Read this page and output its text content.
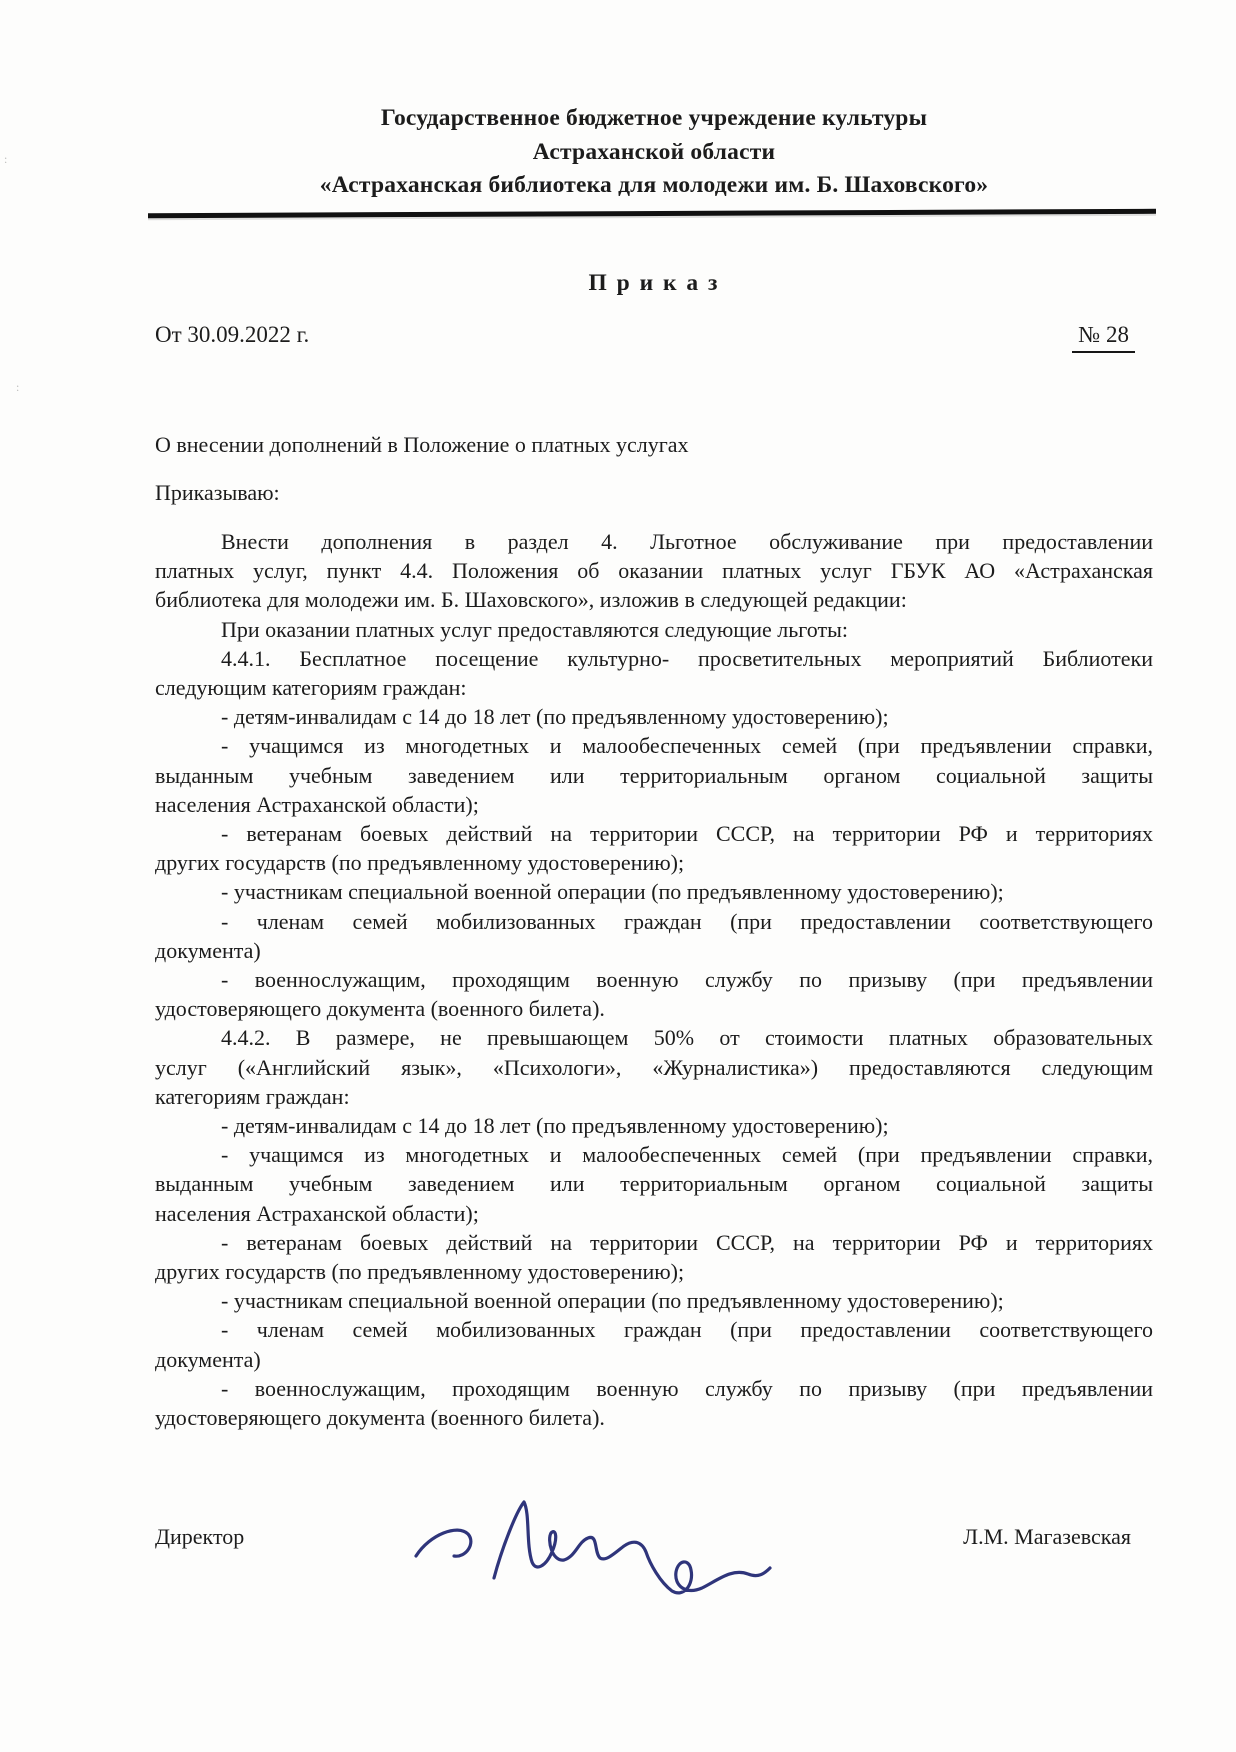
:
:
Государственное бюджетное учреждение культуры
Астраханской области
«Астраханская библиотека для молодежи им. Б. Шаховского»
П р и к а з
От 30.09.2022 г.	№ 28
О внесении дополнений в Положение о платных услугах
Приказываю:
Внести дополнения в раздел 4. Льготное обслуживание при предоставлении
платных услуг, пункт 4.4. Положения об оказании платных услуг ГБУК АО «Астраханская
библиотека для молодежи им. Б. Шаховского», изложив в следующей редакции:
При оказании платных услуг предоставляются следующие льготы:
4.4.1. Бесплатное посещение культурно- просветительных мероприятий Библиотеки
следующим категориям граждан:
- детям-инвалидам с 14 до 18 лет (по предъявленному удостоверению);
- учащимся из многодетных и малообеспеченных семей (при предъявлении справки,
выданным учебным заведением или территориальным органом социальной защиты
населения Астраханской области);
- ветеранам боевых действий на территории СССР, на территории РФ и территориях
других государств (по предъявленному удостоверению);
- участникам специальной военной операции (по предъявленному удостоверению);
- членам семей мобилизованных граждан (при предоставлении соответствующего
документа)
- военнослужащим, проходящим военную службу по призыву (при предъявлении
удостоверяющего документа (военного билета).
4.4.2. В размере, не превышающем 50% от стоимости платных образовательных
услуг («Английский язык», «Психологи», «Журналистика») предоставляются следующим
категориям граждан:
- детям-инвалидам с 14 до 18 лет (по предъявленному удостоверению);
- учащимся из многодетных и малообеспеченных семей (при предъявлении справки,
выданным учебным заведением или территориальным органом социальной защиты
населения Астраханской области);
- ветеранам боевых действий на территории СССР, на территории РФ и территориях
других государств (по предъявленному удостоверению);
- участникам специальной военной операции (по предъявленному удостоверению);
- членам семей мобилизованных граждан (при предоставлении соответствующего
документа)
- военнослужащим, проходящим военную службу по призыву (при предъявлении
удостоверяющего документа (военного билета).
Директор	Л.М. Магазевская
